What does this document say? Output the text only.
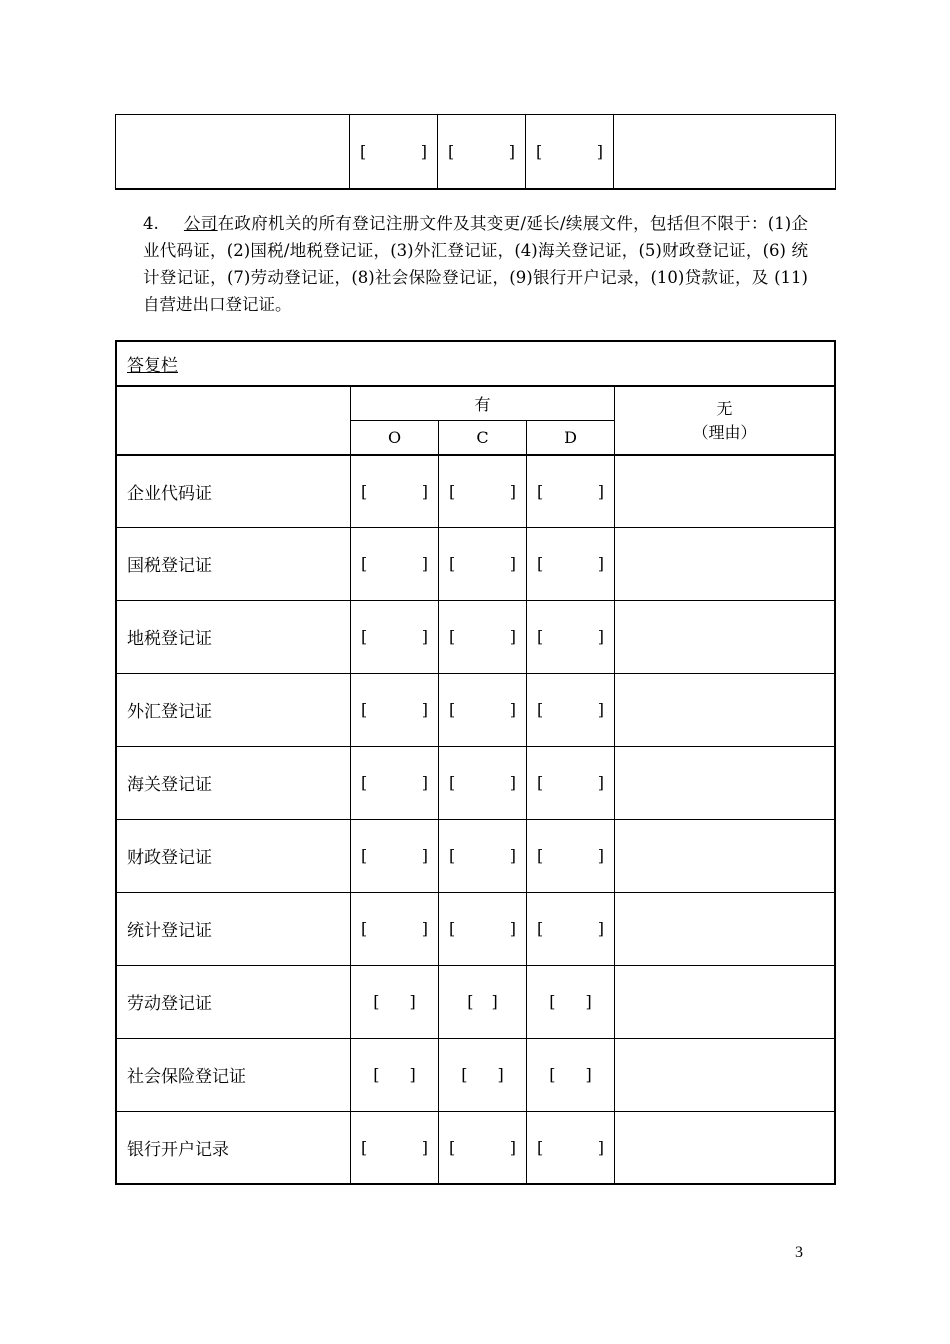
[	]	[	]	[	]

4. 公司在政府机关的所有登记注册文件及其变更/延长/续展文件，包括但不限于：(1)企业代码证，(2)国税/地税登记证，(3)外汇登记证，(4)海关登记证，(5)财政登记证，(6) 统计登记证，(7)劳动登记证，(8)社会保险登记证，(9)银行开户记录，(10)贷款证，及 (11)自营进出口登记证。
答复栏				
	有			无
（理由）

	O	C	D	
企业代码证	[ ]	[ ]	[ ]	

国税登记证	[ ]	[ ]	[ ]	

地税登记证	[ ]	[ ]	[ ]	

外汇登记证	[ ]	[ ]	[ ]	

海关登记证	[ ]	[ ]	[ ]	

财政登记证	[ ]	[ ]	[ ]	

统计登记证	[ ]	[ ]	[ ]	

劳动登记证	[ ]	[ ]	[ ]	

社会保险登记证	[ ]	[ ]	[ ]	

银行开户记录	[ ]	[ ]	[ ]	

3
